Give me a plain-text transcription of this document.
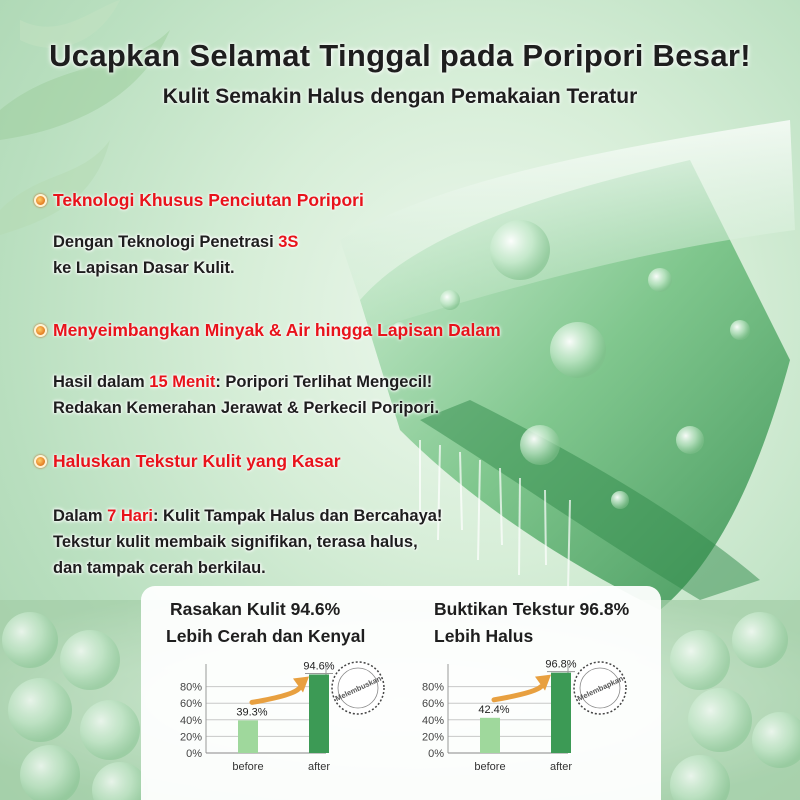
Ucapkan Selamat Tinggal pada Poripori Besar!
Kulit Semakin Halus dengan Pemakaian Teratur
Teknologi Khusus Penciutan Poripori
Dengan Teknologi Penetrasi 3S
ke Lapisan Dasar Kulit.
Menyeimbangkan Minyak & Air hingga Lapisan Dalam
Hasil dalam 15 Menit: Poripori Terlihat Mengecil!
Redakan Kemerahan Jerawat & Perkecil Poripori.
Haluskan Tekstur Kulit yang Kasar
Dalam 7 Hari: Kulit Tampak Halus dan Bercahaya!
Tekstur kulit membaik signifikan, terasa halus,
dan tampak cerah berkilau.
Rasakan Kulit 94.6%
Lebih Cerah dan Kenyal
Buktikan Tekstur 96.8%
Lebih Halus
80%
60%
40%
20%
0%
39.3%
before
94.6%
after
Melembuskan	80%
60%
40%
20%
0%
42.4%
before
96.8%
after
Melembapkan
